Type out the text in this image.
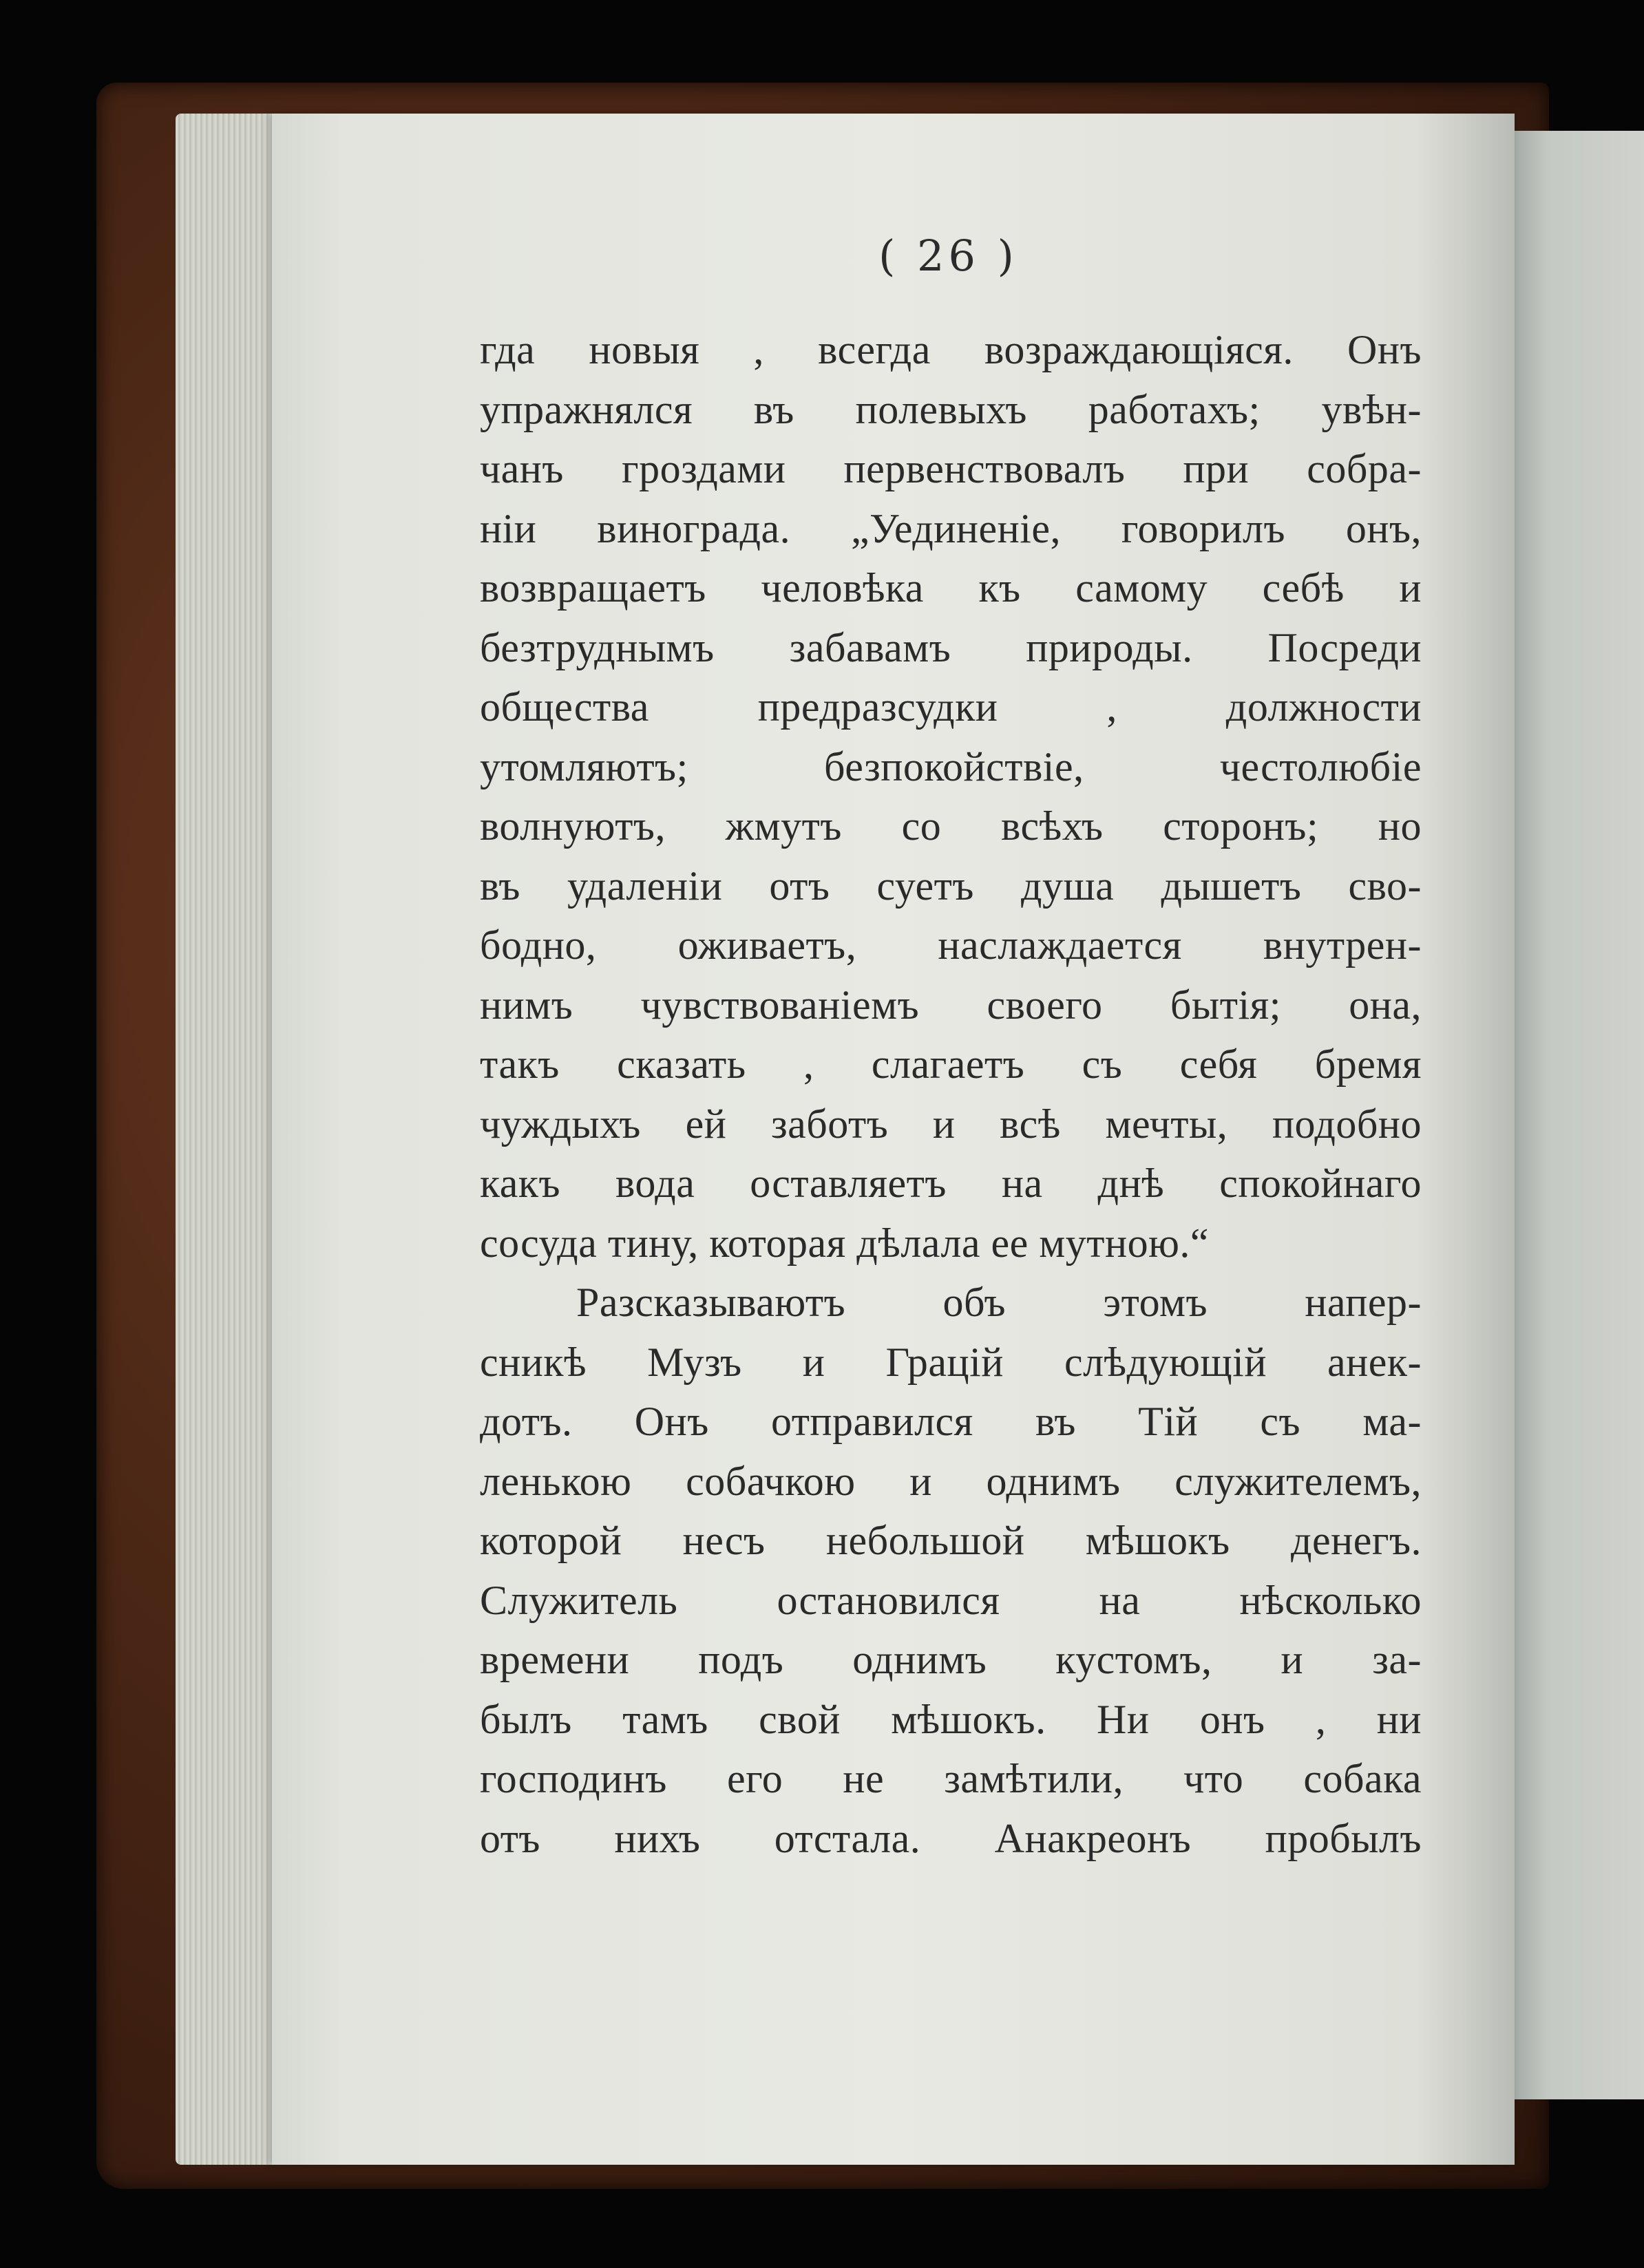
( 26 )
гда новыя , всегда возраждающіяся. Онъ
упражнялся въ полевыхъ работахъ; увѣн-
чанъ гроздами первенствовалъ при собра-
ніи винограда. „Уединеніе, говорилъ онъ,
возвращаетъ человѣка къ самому себѣ и
безтруднымъ забавамъ природы. Посреди
общества предразсудки , должности
утомляютъ; безпокойствіе, честолюбіе
волнуютъ, жмутъ со всѣхъ сторонъ; но
въ удаленіи отъ суетъ душа дышетъ сво-
бодно, оживаетъ, наслаждается внутрен-
нимъ чувствованіемъ своего бытія; она,
такъ сказать , слагаетъ съ себя бремя
чуждыхъ ей заботъ и всѣ мечты, подобно
какъ вода оставляетъ на днѣ спокойнаго
сосуда тину, которая дѣлала ее мутною.“
Разсказываютъ объ этомъ напер-
сникѣ Музъ и Грацій слѣдующій анек-
дотъ. Онъ отправился въ Тій съ ма-
ленькою собачкою и однимъ служителемъ,
которой несъ небольшой мѣшокъ денегъ.
Служитель остановился на нѣсколько
времени подъ однимъ кустомъ, и за-
былъ тамъ свой мѣшокъ. Ни онъ , ни
господинъ его не замѣтили, что собака
отъ нихъ отстала. Анакреонъ пробылъ
